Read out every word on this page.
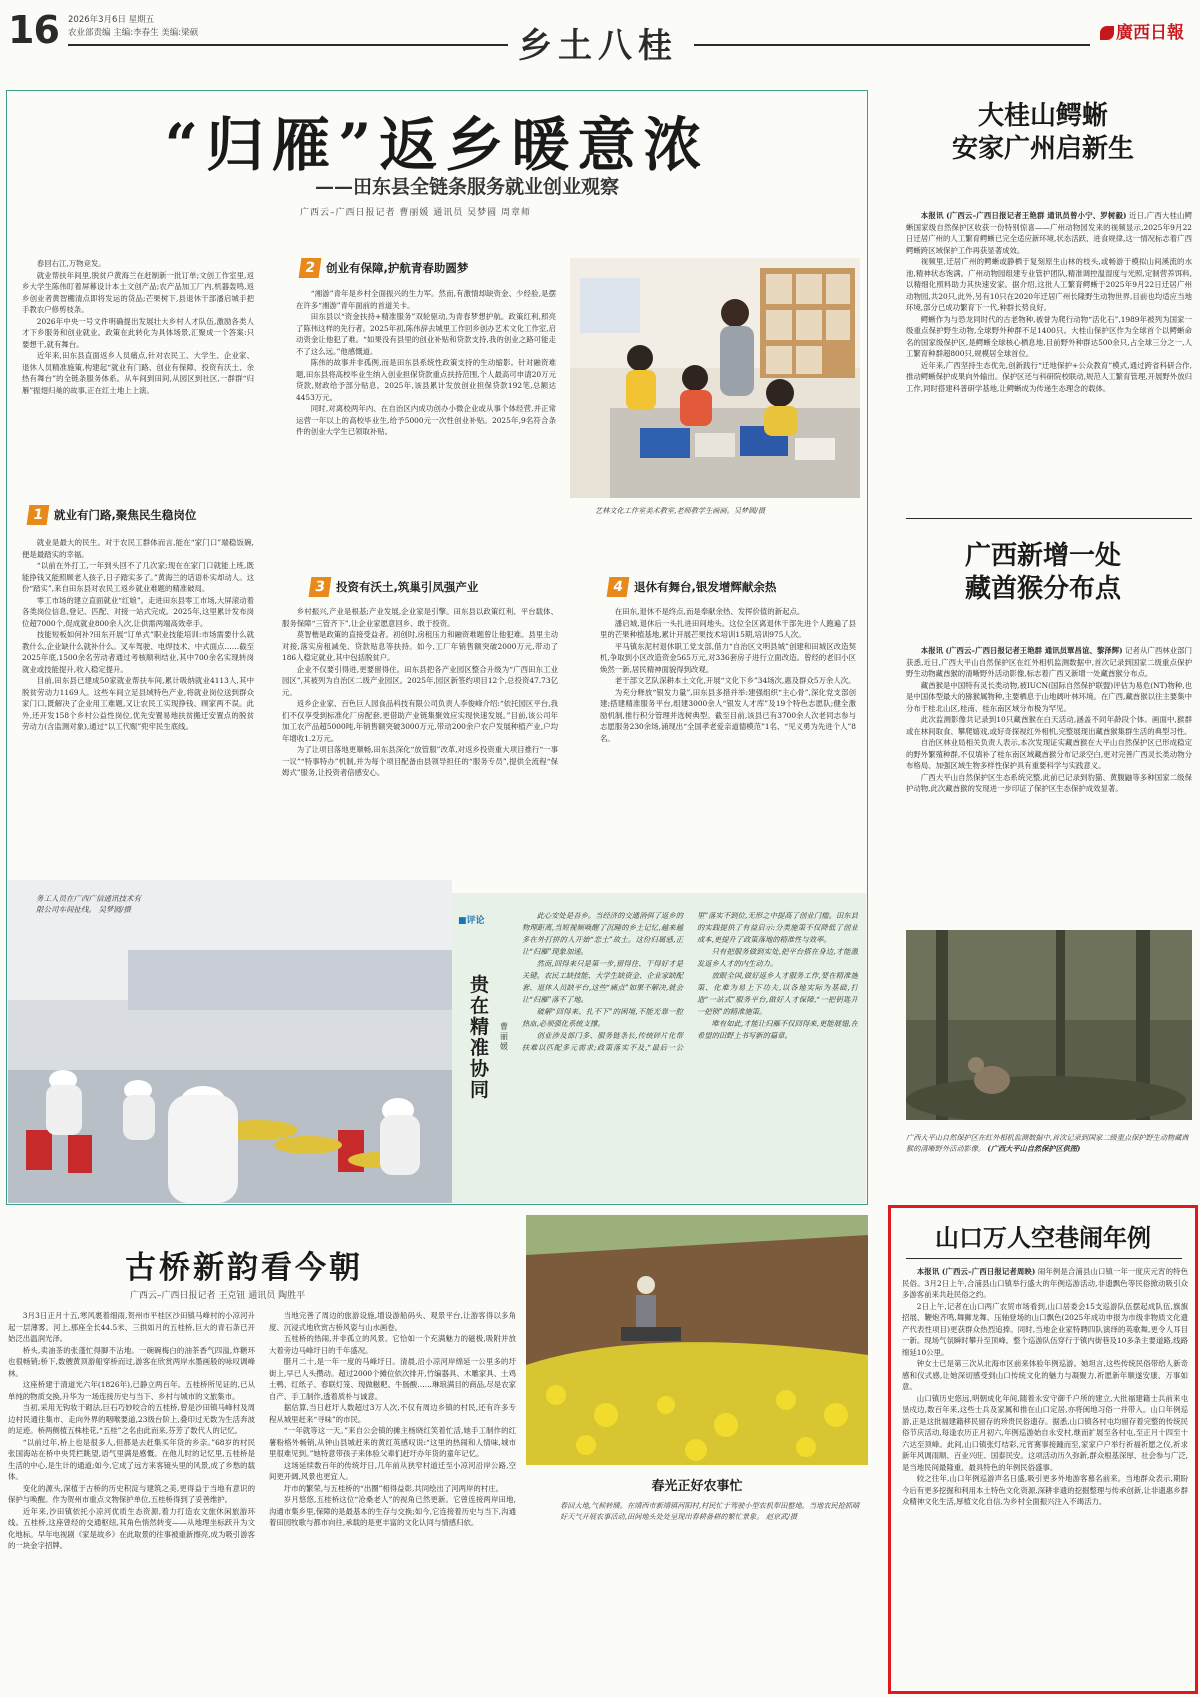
16 2026年3月6日 星期五
农业部责编 主编:李春生 美编:梁硕	乡土八桂	廣西日報
“归雁”返乡暖意浓
——田东县全链条服务就业创业观察
广西云–广西日报记者 曹丽媛 通讯员 吴梦圆 周章师

春回右江,万物竞发。

就业帮扶年间里,脱贫户黄海兰在赶制新一批订单;文创工作室里,返乡大学生陈伟盯着屏幕设计本土文创产品;农产品加工厂内,机器轰鸣,返乡创业者黄智棚清点即将发运的货品;芒果树下,县退休干部潘启城手把手教农户修剪枝条。

2026年中央一号文件明确提出发展壮大乡村人才队伍,激励各类人才下乡服务和创业就业。政策在此转化为具体场景,汇聚成一个答案:只要想干,就有舞台。

近年来,田东县直面返乡人员痛点,针对农民工、大学生、企业家、退休人员精准施策,构建起“就业有门路、创业有保障、投资有沃土、余热有舞台”的全链条服务体系。从车间到田间,从园区到社区,一群群“归雁”振翅归巢的故事,正在红土地上上演。

1 就业有门路,聚焦民生稳岗位

就业是最大的民生。对于农民工群体而言,能在“家门口”端稳饭碗,便是最踏实的幸福。

“以前在外打工,一年到头回不了几次家;现在在家门口就能上班,既能挣钱又能照顾老人孩子,日子踏实多了。”黄海兰的话语朴实却动人。这份“踏实”,来自田东县对农民工返乡就业难题的精准破局。

零工市场的建立直面就业“红娘”。走进田东县零工市场,大屏滚动着各类岗位信息,登记、匹配、对接一站式完成。2025年,这里累计发布岗位超7000个,促成就业800余人次,让供需两端高效牵手。

技能短板如何补?田东开展“订单式”职业技能培训:市场需要什么就教什么,企业缺什么就补什么。叉车驾驶、电焊技术、中式面点……截至2025年底,1500余名劳动者通过考核顺利结业,其中700余名实现转岗就业或技能提升,收入稳定提升。

目前,田东县已建成50家就业帮扶车间,累计吸纳就业4113人,其中脱贫劳动力1169人。这些车间立足县域特色产业,将就业岗位送到群众家门口,既解决了企业用工难题,又让农民工实现挣钱、顾家两不误。此外,还开发158个乡村公益性岗位,优先安置易地扶贫搬迁安置点的脱贫劳动力(含监测对象),通过“以工代赈”兜牢民生底线。

2 创业有保障,护航青春助圆梦

“湘游”青年是乡村全面振兴的生力军。然而,有激情却缺资金、少经验,是摆在许多“湘游”青年面前的首道关卡。

田东县以“资金扶持+精准服务”双轮驱动,为青春梦想护航。政策红利,照亮了陈伟这样的先行者。2025年初,陈伟辞去城里工作回乡创办艺术文化工作室,启动资金让他犯了难。“如果没有县里的创业补贴和贷款支持,我的创业之路可能走不了这么远。”他感慨道。

陈伟的故事并非孤例,而是田东县系统性政策支持的生动缩影。针对融资难题,田东县将高校毕业生纳入创业担保贷款重点扶持范围,个人最高可申请20万元贷款,财政给予部分贴息。2025年,该县累计发放创业担保贷款192笔,总额达4453万元。

同时,对离校两年内、在自治区内成功创办小微企业或从事个体经营,并正常运营一年以上的高校毕业生,给予5000元一次性创业补贴。2025年,9名符合条件的创业大学生已领取补贴。

艺林文化工作室美术教室,老师教学生画画。吴梦圆/摄
3 投资有沃土,筑巢引凤强产业

乡村振兴,产业是根基;产业发展,企业家是引擎。田东县以政策红利、平台载体、服务保障“三管齐下”,让企业家愿意回乡、敢于投资。

莫智楷是政策的直接受益者。初创时,房租压力和融资难题曾让他犯难。县里主动对接,落实房租减免、贷款贴息等扶持。如今,工厂年销售额突破2000万元,带动了186人稳定就业,其中包括脱贫户。

企业不仅要引得进,更要留得住。田东县把各产业园区整合升级为“广西田东工业园区”,其被列为自治区二级产业园区。2025年,园区新签约项目12个,总投资47.73亿元。

返乡企业家、百色巨人园食品科技有限公司负责人李俊峰介绍:“依托园区平台,我们不仅享受到标准化厂房配套,更借助产业链集聚效应实现快速发展。”目前,该公司年加工农产品超5000吨,年销售额突破3000万元,带动200余户农户发展种植产业,户均年增收1.2万元。

为了让项目落地更顺畅,田东县深化“放管服”改革,对返乡投资重大项目推行“一事一议”“特事特办”机制,并为每个项目配备由县领导担任的“服务专员”,提供全流程“保姆式”服务,让投资者倍感安心。

4 退休有舞台,银发增辉献余热

在田东,退休不是终点,而是奉献余热、发挥价值的新起点。

潘启城,退休后一头扎进田间地头。这位全区离退休干部先进个人跑遍了县里的芒果种植基地,累计开展芒果技术培训15期,培训975人次。

平马镇东泥村退休职工党支部,借力“自治区文明县城”创建和田城区改造契机,争取到小区改造资金565万元,对336套房子进行立面改造。曾经的老旧小区焕然一新,居民精神面貌得到改观。

老干部文艺队深耕本土文化,开展“文化下乡”34场次,惠及群众5万余人次。

为充分释放“银发力量”,田东县多措并举:建强组织“主心骨”,深化党支部创建;搭建精准服务平台,组建3000余人“银发人才库”及19个特色志愿队;健全激励机制,推行积分管理并选树典型。截至目前,该县已有3700余人次老同志参与志愿服务230余场,涌现出“全国孝老爱亲道德模范”1名、“见义勇为先进个人”8名。

务工人员在广西广信通讯技术有限公司车间扯线。 吴梦圆/摄
■评论
贵在精准协同
曹丽媛

此心安处是吾乡。当经济的交通消弭了返乡的物理距离,当短视频唤醒了沉睡的乡土记忆,越来越多在外打拼的人开始“恋土”故土。这份归属感,正让“归雁”现象加速。

然而,回得来只是第一步,留得住、干得好才是关键。农民工缺技能、大学生缺资金、企业家缺配套、退休人员缺平台,这些“痛点”如果不解决,就会让“归雁”落不了地。

破解“回得来、扎不下”的困境,不能光靠一腔热血,必须强化系统支撑。

创业涉及部门多、服务链条长,传统碎片化帮扶难以匹配多元需求;政策落实不及,“最后一公里”落实不到位,无形之中提高了创业门槛。田东县的实践提供了有益启示:分类施策不仅降低了创业成本,更提升了政策落地的精准性与效率。

只有把服务做到实处,把平台搭在身边,才能激发返乡人才的内生动力。

放眼全国,做好返乡人才服务工作,要在精准施策、化难为易上下功夫,以各地实际为基础,打造“一站式”服务平台,做好人才保障,“一把钥匙开一把锁”的精准施策。

唯有如此,才能让归雁不仅回得来,更能展翅,在希望的田野上书写新的篇章。

大桂山鳄蜥
安家广州启新生

本报讯 (广西云–广西日报记者王艳群 通讯员曾小宁、罗树毅) 近日,广西大桂山鳄蜥国家级自然保护区收获一份特别惊喜——广州动物园发来的视频显示,2025年9月22日迁居广州的人工繁育鳄蜥已完全适应新环境,状态活跃、进食规律,这一情况标志着广西鳄蜥跨区域保护工作再获显著成效。

视频里,迁居广州的鳄蜥或静栖于复刻原生山林的枝头,或畅游于模拟山间溪流的水池,精神状态饱满。广州动物园组建专业管护团队,精准调控温湿度与光照,定制营养饵料,以精细化照料助力其快速安家。据介绍,这批人工繁育鳄蜥于2025年9月22日迁居广州动物园,共20只,此外,另有10只在2020年迁居广州长隆野生动物世界,目前也均适应当地环境,部分已成功繁育下一代,种群长势良好。

鳄蜥作为与恐龙同时代的古老物种,被誉为爬行动物“活化石”,1989年被列为国家一级重点保护野生动物,全球野外种群不足1400只。大桂山保护区作为全球首个以鳄蜥命名的国家级保护区,是鳄蜥全球核心栖息地,目前野外种群达500余只,占全球三分之一,人工繁育种群超800只,规模居全球首位。

近年来,广西坚持生态优先,创新践行“迁地保护+公众教育”模式,通过跨省科研合作,推动鳄蜥保护成果向外输出。保护区还与科研院校联动,规范人工繁育管理,开展野外放归工作,同时搭建科普研学基地,让鳄蜥成为传递生态理念的载体。

广西新增一处
藏酋猴分布点

本报讯 (广西云–广西日报记者王艳群 通讯员覃昌谊、黎泽辉) 记者从广西林业部门获悉,近日,广西大平山自然保护区在红外相机监测数据中,首次记录到国家二级重点保护野生动物藏酋猴的清晰野外活动影像,标志着广西又新增一处藏酋猴分布点。

藏酋猴是中国特有灵长类动物,被IUCN(国际自然保护联盟)评估为易危(NT)物种,也是中国体型最大的猕猴属物种,主要栖息于山地阔叶林环境。在广西,藏酋猴以往主要集中分布于桂北山区,桂南、桂东南区域分布极为罕见。

此次监测影像共记录到10只藏酋猴在白天活动,涵盖不同年龄段个体。画面中,猴群或在林间取食、攀爬嬉戏,或好奇探视红外相机,完整展现出藏酋猴集群生活的典型习性。

自治区林业局相关负责人表示,本次发现证实藏酋猴在大平山自然保护区已形成稳定的野外繁殖种群,不仅填补了桂东南区域藏酋猴分布记录空白,更对完善广西灵长类动物分布格局、加强区域生物多样性保护具有重要科学与实践意义。

广西大平山自然保护区生态系统完整,此前已记录到豹猫、黄腹鼬等多种国家二级保护动物,此次藏酋猴的发现进一步印证了保护区生态保护成效显著。

广西大平山自然保护区在红外相机监测数据中,首次记录到国家二级重点保护野生动物藏酋猴的清晰野外活动影像。 (广西大平山自然保护区供图)
古桥新韵看今朝
广西云–广西日报记者 王克钮 通讯员 陶胜平

3月3日正月十五,寒风裹着细雨,贺州市平桂区沙田镇马峰村的小凉河升起一层薄雾。河上,那座全长44.5米、三拱如月的五桂桥,巨大的青石条已开始泛出温润光泽。

桥头,卖油茶的张蓬忙得脚不沾地。一碗碗梅白的油茶香气四溢,炸糖环也很畅销;桥下,数艘黄顶游船穿桥而过,游客在欣赏两岸水墨画般的咏叹调峰林。

这座桥建于清道光六年(1826年),已静立两百年。五桂桥所见证的,已从单纯的物质交换,升华为一场连接历史与当下、乡村与城市的文旅集市。

当初,采用无钩妆干砌法,巨石巧妙咬合的五桂桥,曾是沙田镇马峰村及周边村民通往集市、走向外界的咽喉要道,23级台阶上,叠印过无数为生活奔波的足迹。桥两侧植五株桂花,“五桂”之名由此而来,芬芳了数代人的记忆。

“以前过年,桥上也是很多人,但都是去赶集买年货的乡亲。”68岁的村民张国海站在桥中央凭栏眺望,语气里满是感慨。在他儿时的记忆里,五桂桥是生活的中心,是生计的通道;如今,它成了远方来客镜头里的风景,成了乡愁的载体。

变化的源头,深植于古桥的历史积淀与建筑之美,更得益于当地有意识的保护与唤醒。作为贺州市重点文物保护单位,五桂桥得到了妥善维护。

近年来,沙田镇依托小凉河优质生态资源,着力打造农文旅休闲旅游环线。五桂桥,这座曾经的交通枢纽,其角色悄然转变——从地理坐标跃升为文化地标。早年电视剧《家是故乡》在此取景的往事被重新擦亮,成为吸引游客的一块金字招牌。

当地完善了周边的旅游设施,增设游船码头、观景平台,让游客得以多角度、沉浸式地欣赏古桥风姿与山水画卷。

五桂桥的热闹,并非孤立的风景。它恰如一个充满魅力的磁极,吸附并放大着旁边马峰圩日的千年盛况。

腊月二十,是一年一度的马峰圩日。清晨,沿小凉河岸绵延一公里多的圩街上,早已人头攒动。超过2000个摊位依次排开,竹编器具、木雕家具、土鸡土鸭、红纸子、春联灯笼、现做糍粑、牛肠酸……琳琅满目的商品,尽是农家自产、手工制作,透着质朴与诚意。

据估算,当日赶圩人数超过3万人次,不仅有周边乡镇的村民,还有许多专程从城里赶来“寻味”的市民。

“一年就等这一天。”来自公会镇的摊主杨晓红笑着忙活,她手工制作的红薯粉格外畅销,从钟山县城赶来的黄红英感叹说:“这里的热闹和人情味,城市里很难见到。”她特意带孩子来体验父辈们赶圩办年货的童年记忆。

这场延续数百年的传统圩日,几年前从狭窄村道迁至小凉河沿岸公路,空间更开阔,风景也更宜人。

圩市的繁荣,与五桂桥的“出圈”相得益彰,共同绘出了河两岸的村庄。

岁月悠悠,五桂桥这位“沧桑老人”的视角已然更新。它曾连接两岸田地,沟通市集乡里,保障的是最基本的生存与交换;如今,它连接着历史与当下,沟通着田园牧歌与都市向往,承载的是更丰富的文化认同与情感归依。

春光正好农事忙
春回大地,气候转暖。在靖西市新靖镇河阳村,村民忙于驾驶小型农机犁田整地。当地农民抢抓晴好天气开展农事活动,田间地头处处呈现出春耕备耕的繁忙景象。 赵京武/摄
山口万人空巷闹年例

本报讯 (广西云–广西日报记者周映) 闹年例是合浦县山口镇一年一度庆元宵的特色民俗。3月2日上午,合浦县山口镇举行盛大的年例巡游活动,非遗飘色等民俗掀动吸引众多游客前来共赴民俗之约。

2日上午,记者在山口两广农贸市场看到,山口居委会15支巡游队伍摆起成队伍,旗旗招展、鞭炮齐鸣,舞狮龙舞、压轴登场的山口飘色(2025年成功申报为市级非物质文化遗产代表性项目)更获群众热烈追捧。同时,当地企业家特聘四队演绎的英歌舞,更令人耳目一新。现场气氛瞬时攀升至顶峰。整个巡游队伍穿行于镇内街巷及10多条主要道路,线路绵延10公里。

钟女士已是第三次从北海市区前来体验年例巡游。她坦言,这些传统民俗带给人新奇感和仪式感,让她深切感受到山口传统文化的魅力与凝聚力,祈愿新年顺遂安康、万事如意。

山口镇历史悠远,明朝成化年间,随着永安守御千户所的建立,大批福建籍士兵前来屯垦戍边,数百年来,这些士兵及家属和推在山口定居,亦将闽地习俗一并带入。山口年例巡游,正是这批福建籍移民留存的珍贵民俗遗存。据悉,山口镇各村屯均留存着完整的传统民俗节庆活动,每逢农历正月初六,年例巡游始自永安村,继而扩展至各村屯,至正月十四至十六达至顶峰。此间,山口镇张灯结彩,元宵赛事接踵而至,家家户户举行祈福祈愿之仪,祈求新年风调雨顺、百业兴旺、国泰民安。这项活动历久弥新,群众根基深厚、社会参与广泛,是当地民间最隆重、最具特色的年例民俗盛事。

较之往年,山口年例巡游声名日盛,吸引更多外地游客慕名前来。当地群众表示,期盼今后有更多挖掘和利用本土特色文化资源,深耕非遗的挖掘整理与传承创新,让非遗惠乡群众精神文化生活,厚植文化自信,为乡村全面振兴注入不竭活力。
